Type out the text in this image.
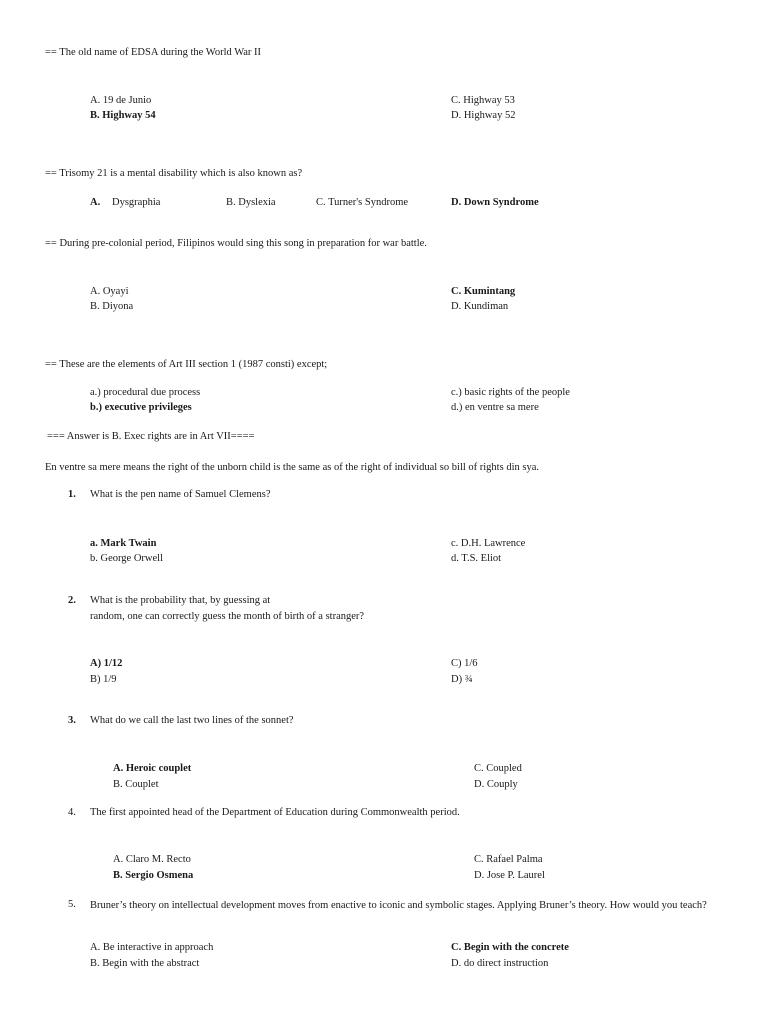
== The old name of EDSA during the World War II
A. 19 de Junio
B. Highway 54
C. Highway 53
D. Highway 52
== Trisomy 21 is a mental disability which is also known as?
A. Dysgraphia	B. Dyslexia	C. Turner's Syndrome	D. Down Syndrome
== During pre-colonial period, Filipinos would sing this song in preparation for war battle.
A. Oyayi
B. Diyona
C. Kumintang
D. Kundiman
== These are the elements of Art III section 1 (1987 consti) except;
a.) procedural due process
b.) executive privileges
c.) basic rights of the people
d.) en ventre sa mere
=== Answer is B. Exec rights are in Art VII====
En ventre sa mere means the right of the unborn child is the same as of the right of individual so bill of rights din sya.
1. What is the pen name of Samuel Clemens?
a. Mark Twain
b. George Orwell
c. D.H. Lawrence
d. T.S. Eliot
2. What is the probability that, by guessing at
random, one can correctly guess the month of birth of a stranger?
A) 1/12
B) 1/9
C) 1/6
D) ¾
3. What do we call the last two lines of the sonnet?
A. Heroic couplet
B. Couplet
C. Coupled
D. Couply
4. The first appointed head of the Department of Education during Commonwealth period.
A. Claro M. Recto
B. Sergio Osmena
C. Rafael Palma
D. Jose P. Laurel
5. Bruner’s theory on intellectual development moves from enactive to iconic and symbolic stages. Applying Bruner’s theory. How would you teach?
A. Be interactive in approach
B. Begin with the abstract
C. Begin with the concrete
D. do direct instruction
